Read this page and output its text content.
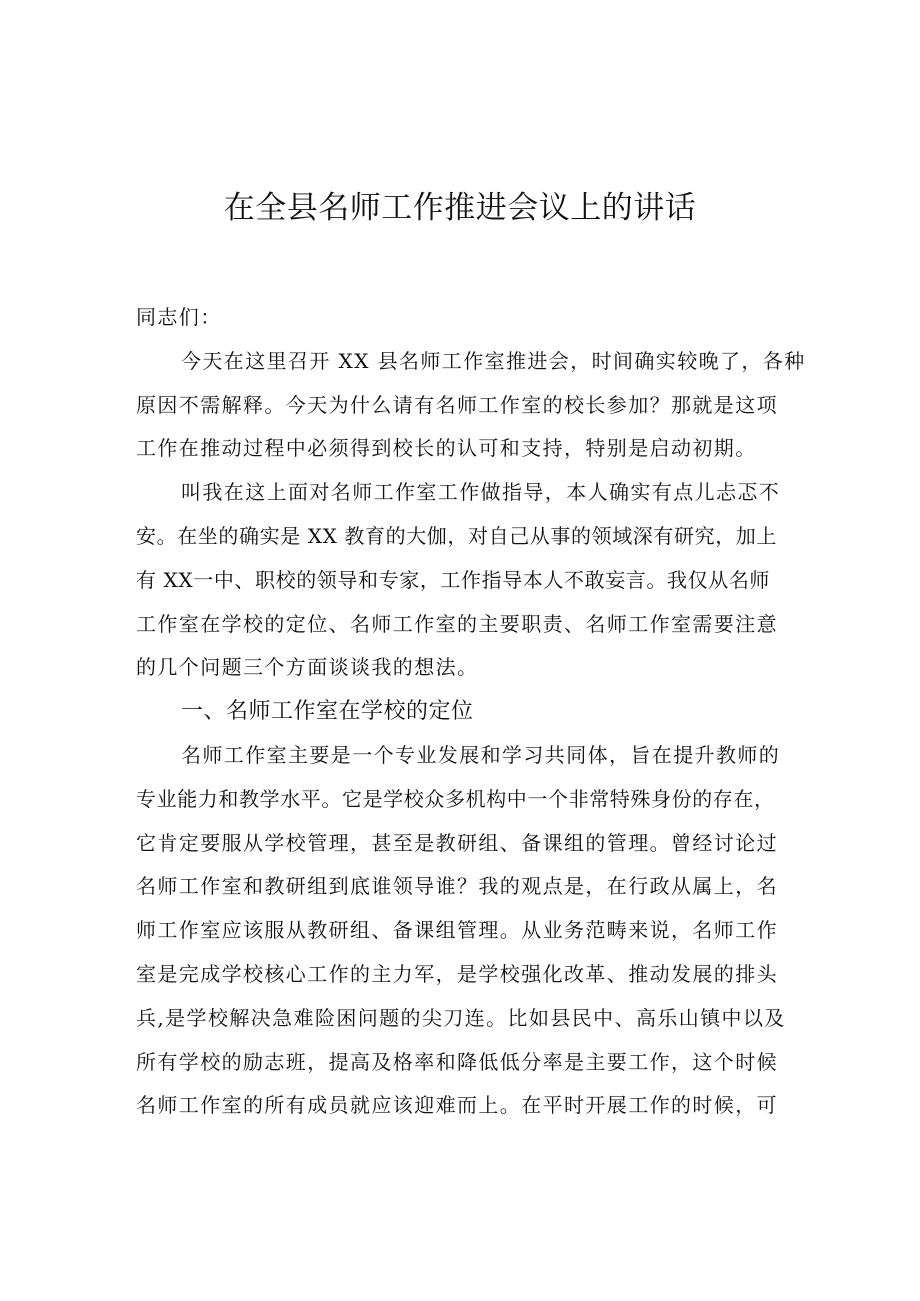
在全县名师工作推进会议上的讲话
同志们：
今天在这里召开 XX 县名师工作室推进会，时间确实较晚了，各种
原因不需解释。今天为什么请有名师工作室的校长参加？那就是这项
工作在推动过程中必须得到校长的认可和支持，特别是启动初期。
叫我在这上面对名师工作室工作做指导，本人确实有点儿忐忑不
安。在坐的确实是 XX 教育的大伽，对自己从事的领域深有研究，加上
有 XX一中、职校的领导和专家，工作指导本人不敢妄言。我仅从名师
工作室在学校的定位、名师工作室的主要职责、名师工作室需要注意
的几个问题三个方面谈谈我的想法。
一、名师工作室在学校的定位
名师工作室主要是一个专业发展和学习共同体，旨在提升教师的
专业能力和教学水平。它是学校众多机构中一个非常特殊身份的存在，
它肯定要服从学校管理，甚至是教研组、备课组的管理。曾经讨论过
名师工作室和教研组到底谁领导谁？我的观点是，在行政从属上，名
师工作室应该服从教研组、备课组管理。从业务范畴来说，名师工作
室是完成学校核心工作的主力军，是学校强化改革、推动发展的排头
兵,是学校解决急难险困问题的尖刀连。比如县民中、高乐山镇中以及
所有学校的励志班，提高及格率和降低低分率是主要工作，这个时候
名师工作室的所有成员就应该迎难而上。在平时开展工作的时候，可
